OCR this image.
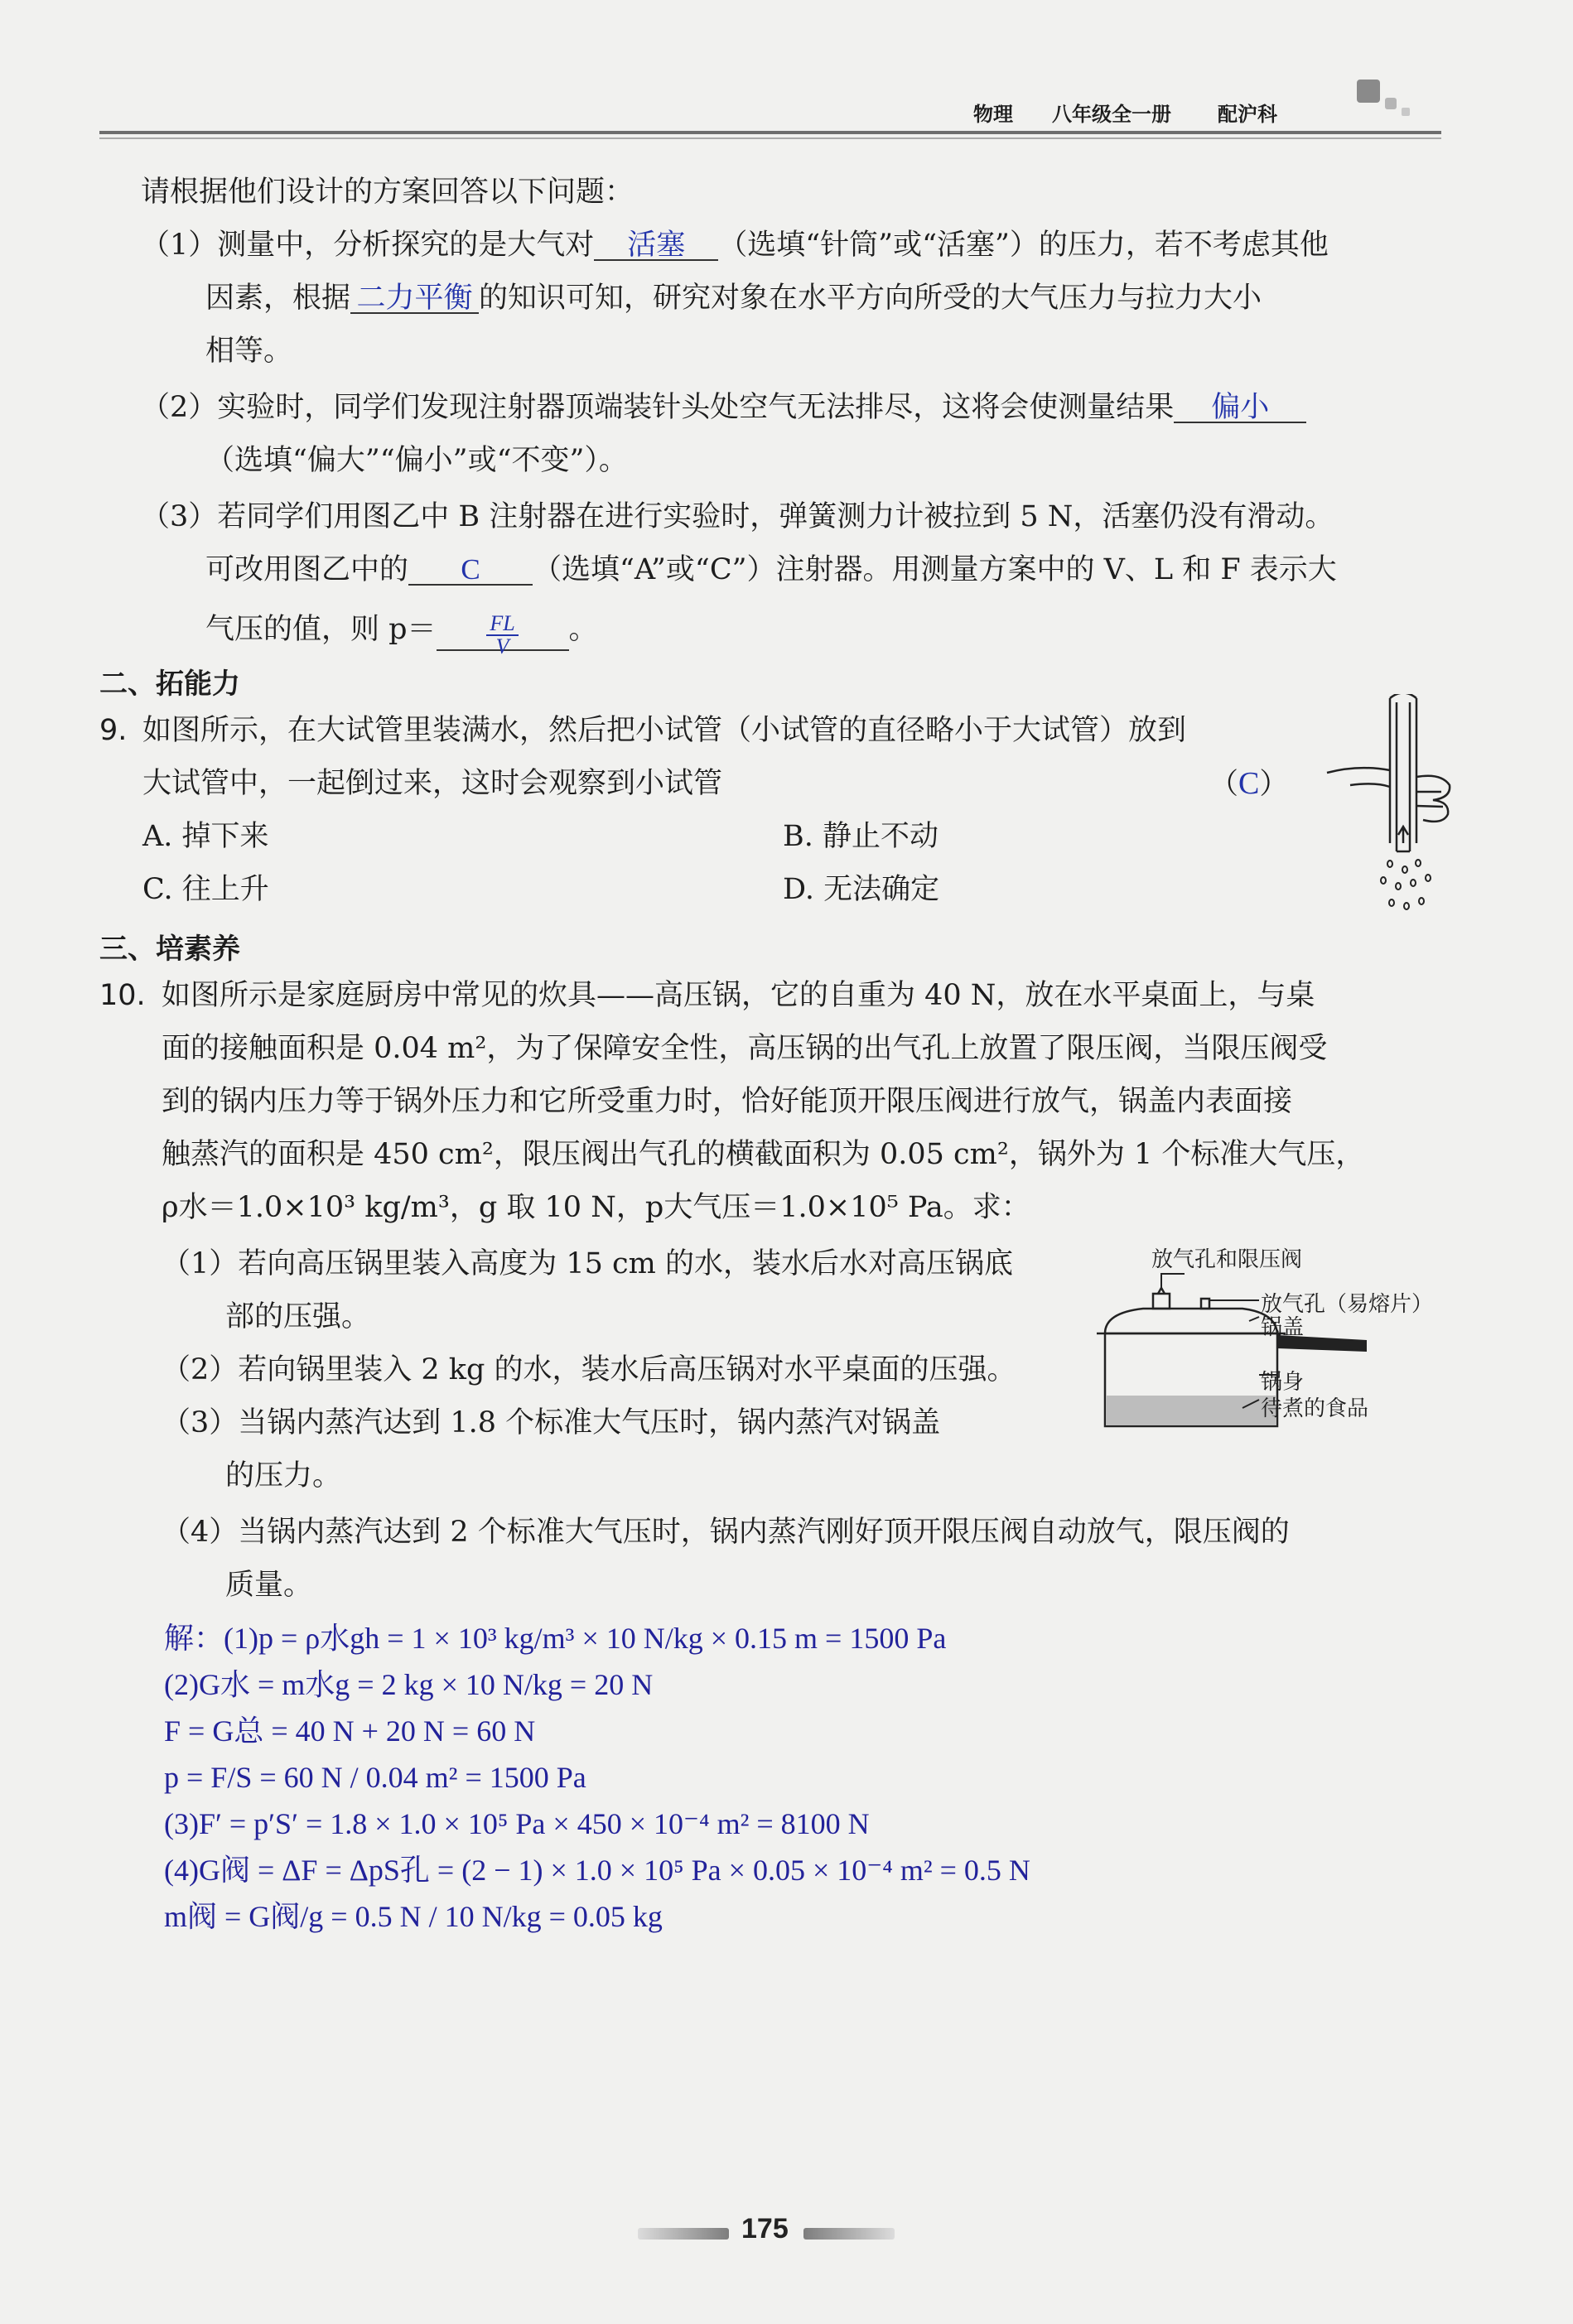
物理 八年级全一册 配沪科
请根据他们设计的方案回答以下问题：
（1）测量中，分析探究的是大气对 活塞 （选填“针筒”或“活塞”）的压力，若不考虑其他
因素，根据 二力平衡 的知识可知，研究对象在水平方向所受的大气压力与拉力大小
相等。
（2）实验时，同学们发现注射器顶端装针头处空气无法排尽，这将会使测量结果 偏小
（选填“偏大”“偏小”或“不变”）。
（3）若同学们用图乙中 B 注射器在进行实验时，弹簧测力计被拉到 5 N，活塞仍没有滑动。
可改用图乙中的 C （选填“A”或“C”）注射器。用测量方案中的 V、L 和 F 表示大
气压的值，则 $p= \frac{FL}{V}$ 。
二、拓能力
9. 如图所示，在大试管里装满水，然后把小试管（小试管的直径略小于大试管）放到
大试管中，一起倒过来，这时会观察到小试管	（C）
A. 掉下来	B. 静止不动
C. 往上升	D. 无法确定
三、培素养
10. 如图所示是家庭厨房中常见的炊具——高压锅，它的自重为 40 N，放在水平桌面上，与桌
面的接触面积是 0.04 m²，为了保障安全性，高压锅的出气孔上放置了限压阀，当限压阀受
到的锅内压力等于锅外压力和它所受重力时，恰好能顶开限压阀进行放气，锅盖内表面接
触蒸汽的面积是 450 cm²，限压阀出气孔的横截面积为 0.05 cm²，锅外为 1 个标准大气压，
ρ水＝1.0×10³ kg/m³，g 取 10 N，p大气压＝1.0×10⁵ Pa。求：
（1）若向高压锅里装入高度为 15 cm 的水，装水后水对高压锅底
部的压强。
（2）若向锅里装入 2 kg 的水，装水后高压锅对水平桌面的压强。
（3）当锅内蒸汽达到 1.8 个标准大气压时，锅内蒸汽对锅盖
的压力。
（4）当锅内蒸汽达到 2 个标准大气压时，锅内蒸汽刚好顶开限压阀自动放气，限压阀的
质量。
放气孔和限压阀
放气孔（易熔片）
锅盖
锅身
待煮的食品
解：(1)p = ρ水gh = 1 × 10³ kg/m³ × 10 N/kg × 0.15 m = 1500 Pa
(2)G水 = m水g = 2 kg × 10 N/kg = 20 N
F = G总 = 40 N + 20 N = 60 N
p = F/S = 60 N / 0.04 m² = 1500 Pa
(3)F′ = p′S′ = 1.8 × 1.0 × 10⁵ Pa × 450 × 10⁻⁴ m² = 8100 N
(4)G阀 = ΔF = ΔpS孔 = (2 − 1) × 1.0 × 10⁵ Pa × 0.05 × 10⁻⁴ m² = 0.5 N
m阀 = G阀/g = 0.5 N / 10 N/kg = 0.05 kg
175
